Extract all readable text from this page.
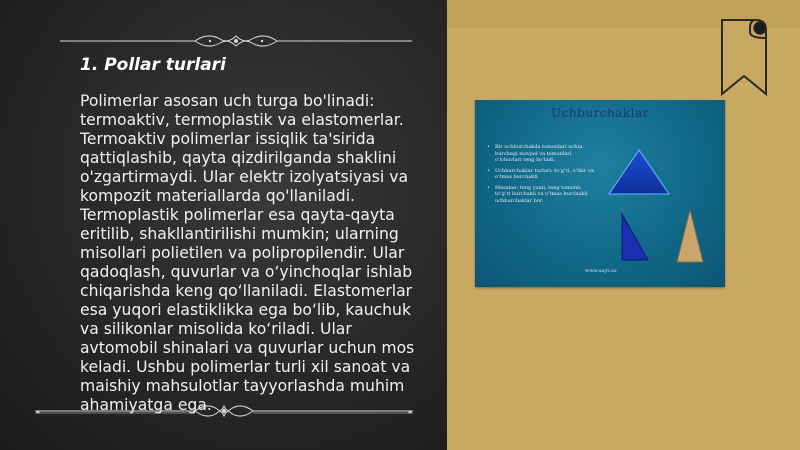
1. Pollar turlari

Polimerlar asosan uch turga bo'linadi: termoaktiv, termoplastik va elastomerlar. Termoaktiv polimerlar issiqlik ta'sirida qattiqlashib, qayta qizdirilganda shaklini o'zgartirmaydi. Ular elektr izolyatsiyasi va kompozit materiallarda qo'llaniladi. Termoplastik polimerlar esa qayta-qayta eritilib, shakllantirilishi mumkin; ularning misollari polietilen va polipropilendir. Ular qadoqlash, quvurlar va o‘yinchoqlar ishlab chiqarishda keng qo‘llaniladi. Elastomerlar esa yuqori elastiklikka ega bo‘lib, kauchuk va silikonlar misolida ko‘riladi. Ular avtomobil shinalari va quvurlar uchun mos keladi. Ushbu polimerlar turli xil sanoat va maishiy mahsulotlar tayyorlashda muhim ahamiyatga ega.

Uchburchaklar
• Bir uchburchakda tomonlari uchta burchagi mavjud va tomonlari o‘lchovlari teng bo‘ladi.
• Uchburchaklar turlari: to‘g‘ri, o‘tkir va o‘tmas burchakli.
• Masalan: teng yonli, teng tomonli, to‘g‘ri burchakli va o‘tmas burchakli uchburchaklar bor.
www.sayt.uz
